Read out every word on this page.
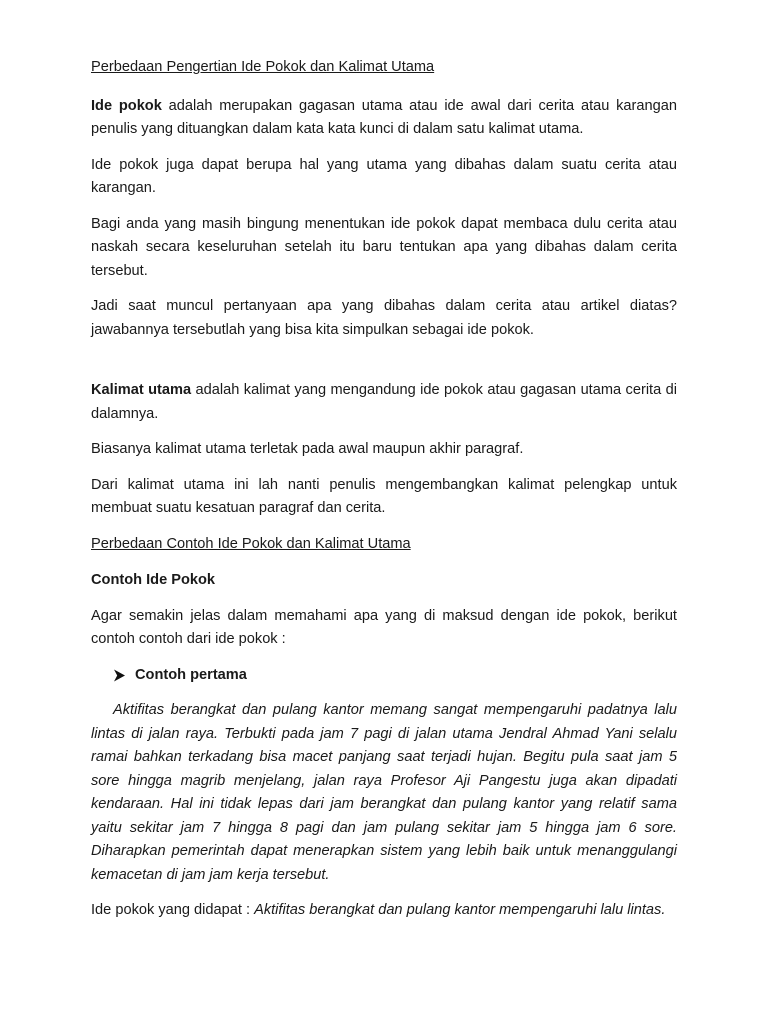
Perbedaan Pengertian Ide Pokok dan Kalimat Utama

Ide pokok adalah merupakan gagasan utama atau ide awal dari cerita atau karangan penulis yang dituangkan dalam kata kata kunci di dalam satu kalimat utama.

Ide pokok juga dapat berupa hal yang utama yang dibahas dalam suatu cerita atau karangan.

Bagi anda yang masih bingung menentukan ide pokok dapat membaca dulu cerita atau naskah secara keseluruhan setelah itu baru tentukan apa yang dibahas dalam cerita tersebut.

Jadi saat muncul pertanyaan apa yang dibahas dalam cerita atau artikel diatas? jawabannya tersebutlah yang bisa kita simpulkan sebagai ide pokok.

Kalimat utama adalah kalimat yang mengandung ide pokok atau gagasan utama cerita di dalamnya.

Biasanya kalimat utama terletak pada awal maupun akhir paragraf.

Dari kalimat utama ini lah nanti penulis mengembangkan kalimat pelengkap untuk membuat suatu kesatuan paragraf dan cerita.

Perbedaan Contoh Ide Pokok dan Kalimat Utama
Contoh Ide Pokok

Agar semakin jelas dalam memahami apa yang di maksud dengan ide pokok, berikut contoh contoh dari ide pokok :

Contoh pertama

Aktifitas berangkat dan pulang kantor memang sangat mempengaruhi padatnya lalu lintas di jalan raya. Terbukti pada jam 7 pagi di jalan utama Jendral Ahmad Yani selalu ramai bahkan terkadang bisa macet panjang saat terjadi hujan. Begitu pula saat jam 5 sore hingga magrib menjelang, jalan raya Profesor Aji Pangestu juga akan dipadati kendaraan. Hal ini tidak lepas dari jam berangkat dan pulang kantor yang relatif sama yaitu sekitar jam 7 hingga 8 pagi dan jam pulang sekitar jam 5 hingga jam 6 sore. Diharapkan pemerintah dapat menerapkan sistem yang lebih baik untuk menanggulangi kemacetan di jam jam kerja tersebut.

Ide pokok yang didapat : Aktifitas berangkat dan pulang kantor mempengaruhi lalu lintas.
